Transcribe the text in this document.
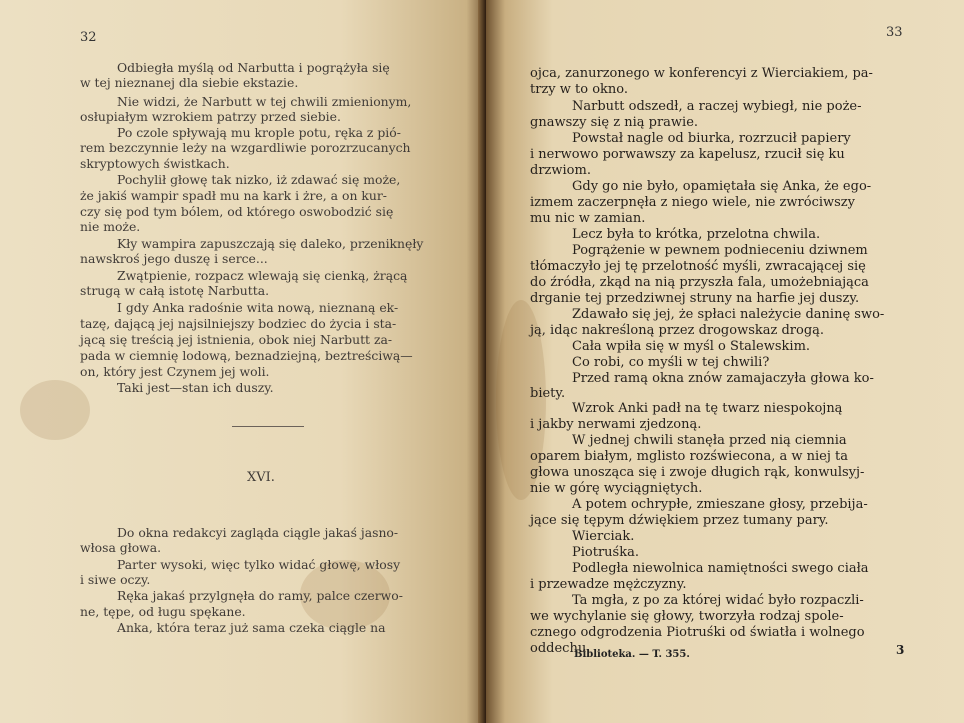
32
Odbiegła myślą od Narbutta i pogrążyła się
w tej nieznanej dla siebie ekstazie.
Nie widzi, że Narbutt w tej chwili zmienionym,
osłupiałym wzrokiem patrzy przed siebie.
Po czole spływają mu krople potu, ręka z pió-
rem bezczynnie leży na wzgardliwie porozrzucanych
skryptowych świstkach.
Pochylił głowę tak nizko, iż zdawać się może,
że jakiś wampir spadł mu na kark i żre, a on kur-
czy się pod tym bólem, od którego oswobodzić się
nie może.
Kły wampira zapuszczają się daleko, przeniknęły
nawskroś jego duszę i serce...
Zwątpienie, rozpacz wlewają się cienką, żrącą
strugą w całą istotę Narbutta.
I gdy Anka radośnie wita nową, nieznaną ek-
tazę, dającą jej najsilniejszy bodziec do życia i sta-
jącą się treścią jej istnienia, obok niej Narbutt za-
pada w ciemnię lodową, beznadziejną, beztreściwą—
on, który jest Czynem jej woli.
Taki jest—stan ich duszy.
XVI.
Do okna redakcyi zagląda ciągle jakaś jasno-
włosa głowa.
Parter wysoki, więc tylko widać głowę, włosy
i siwe oczy.
Ręka jakaś przylgnęła do ramy, palce czerwo-
ne, tępe, od ługu spękane.
Anka, która teraz już sama czeka ciągle na
33
ojca, zanurzonego w konferencyi z Wierciakiem, pa-
trzy w to okno.
Narbutt odszedł, a raczej wybiegł, nie poże-
gnawszy się z nią prawie.
Powstał nagle od biurka, rozrzucił papiery
i nerwowo porwawszy za kapelusz, rzucił się ku
drzwiom.
Gdy go nie było, opamiętała się Anka, że ego-
izmem zaczerpnęła z niego wiele, nie zwróciwszy
mu nic w zamian.
Lecz była to krótka, przelotna chwila.
Pogrążenie w pewnem podnieceniu dziwnem
tłómaczyło jej tę przelotność myśli, zwracającej się
do źródła, zkąd na nią przyszła fala, umożebniająca
drganie tej przedziwnej struny na harfie jej duszy.
Zdawało się jej, że spłaci należycie daninę swo-
ją, idąc nakreśloną przez drogowskaz drogą.
Cała wpiła się w myśl o Stalewskim.
Co robi, co myśli w tej chwili?
Przed ramą okna znów zamajaczyła głowa ko-
biety.
Wzrok Anki padł na tę twarz niespokojną
i jakby nerwami zjedzoną.
W jednej chwili stanęła przed nią ciemnia
oparem białym, mglisto rozświecona, a w niej ta
głowa unosząca się i zwoje długich rąk, konwulsyj-
nie w górę wyciągniętych.
A potem ochrypłe, zmieszane głosy, przebija-
jące się tępym dźwiękiem przez tumany pary.
Wierciak.
Piotruśka.
Podległa niewolnica namiętności swego ciała
i przewadze mężczyzny.
Ta mgła, z po za której widać było rozpaczli-
we wychylanie się głowy, tworzyła rodzaj spole-
cznego odgrodzenia Piotruśki od światła i wolnego
oddechu.
Biblioteka. — T. 355.	3
